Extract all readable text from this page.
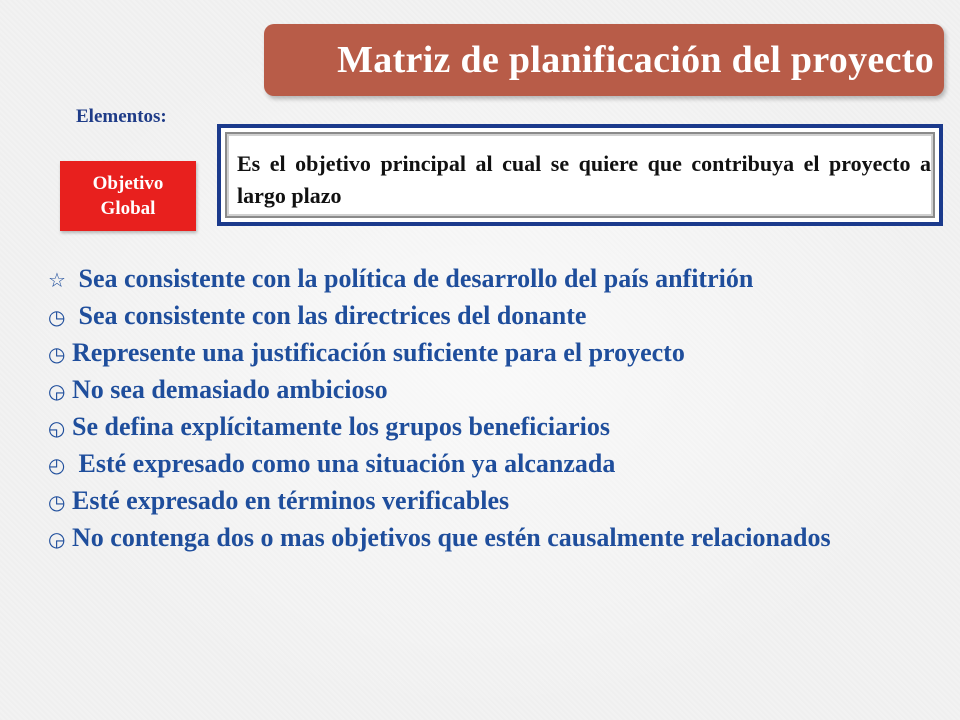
Matriz de planificación del proyecto
Elementos:
Objetivo
Global
Es el objetivo principal al cual se quiere que contribuya el proyecto a largo plazo
☆ Sea consistente con la política de desarrollo del país anfitrión
◷ Sea consistente con las directrices del donante
◷ Represente una justificación suficiente para el proyecto
◶ No sea demasiado ambicioso
◵ Se defina explícitamente los grupos beneficiarios
◴ Esté expresado como una situación ya alcanzada
◷ Esté expresado en términos verificables
◶ No contenga dos o mas objetivos que estén causalmente relacionados
